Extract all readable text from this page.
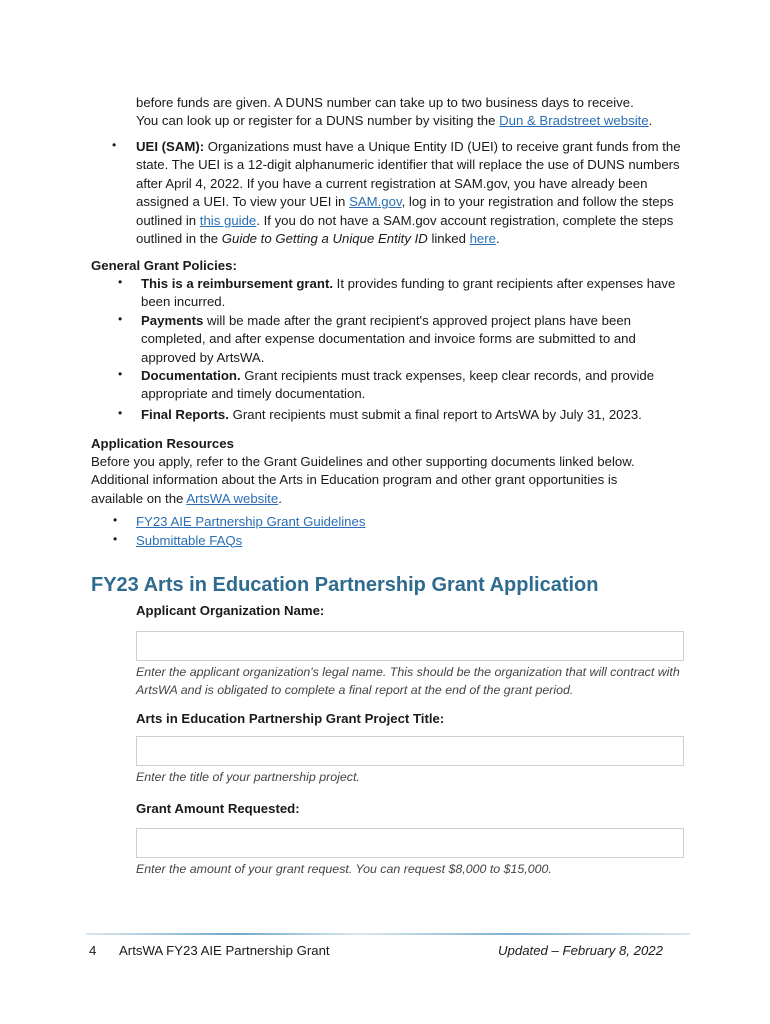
before funds are given. A DUNS number can take up to two business days to receive.

You can look up or register for a DUNS number by visiting the Dun & Bradstreet website.

•	UEI (SAM): Organizations must have a Unique Entity ID (UEI) to receive grant funds from the state. The UEI is a 12-digit alphanumeric identifier that will replace the use of DUNS numbers after April 4, 2022. If you have a current registration at SAM.gov, you have already been assigned a UEI. To view your UEI in SAM.gov, log in to your registration and follow the steps outlined in this guide. If you do not have a SAM.gov account registration, complete the steps outlined in the Guide to Getting a Unique Entity ID linked here.

General Grant Policies:
• This is a reimbursement grant. It provides funding to grant recipients after expenses have been incurred.

• Payments will be made after the grant recipient's approved project plans have been completed, and after expense documentation and invoice forms are submitted to and approved by ArtsWA.

• Documentation. Grant recipients must track expenses, keep clear records, and provide appropriate and timely documentation.

• Final Reports. Grant recipients must submit a final report to ArtsWA by July 31, 2023.

Application Resources

Before you apply, refer to the Grant Guidelines and other supporting documents linked below.

Additional information about the Arts in Education program and other grant opportunities is

available on the ArtsWA website.

• FY23 AIE Partnership Grant Guidelines

• Submittable FAQs

FY23 Arts in Education Partnership Grant Application
Applicant Organization Name:
Enter the applicant organization's legal name. This should be the organization that will contract with ArtsWA and is obligated to complete a final report at the end of the grant period.
Arts in Education Partnership Grant Project Title:
Enter the title of your partnership project.
Grant Amount Requested:
Enter the amount of your grant request. You can request $8,000 to $15,000.
4 ArtsWA FY23 AIE Partnership Grant	Updated – February 8, 2022
